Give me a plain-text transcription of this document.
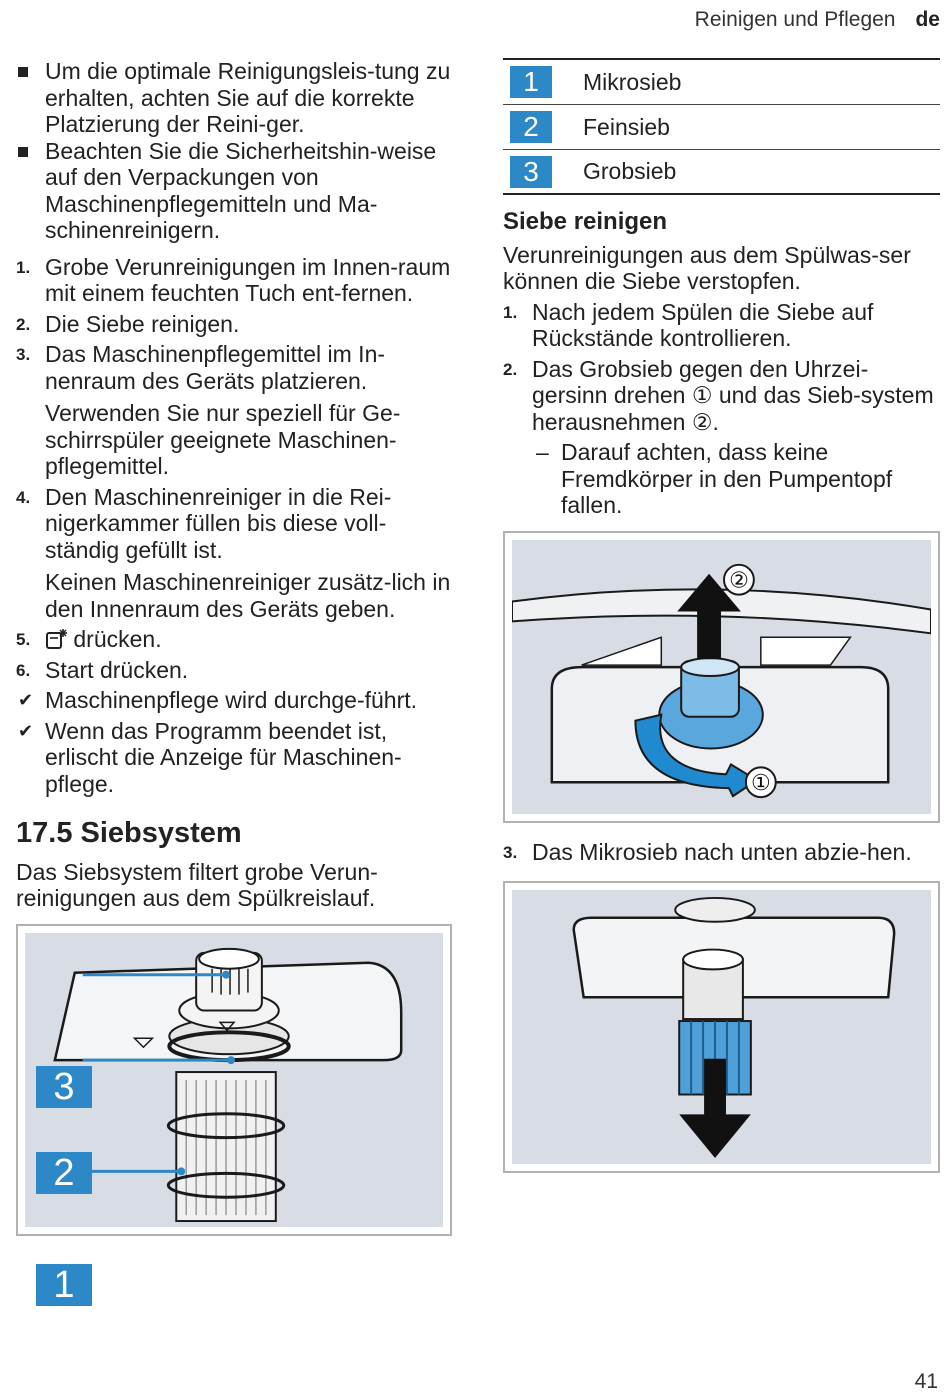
Reinigen und Pflegen de
Um die optimale Reinigungsleis-tung zu erhalten, achten Sie auf die korrekte Platzierung der Reini-ger.
Beachten Sie die Sicherheitshin-weise auf den Verpackungen von Maschinenpflegemitteln und Ma-schinenreinigern.
1. Grobe Verunreinigungen im Innen-raum mit einem feuchten Tuch ent-fernen.
2. Die Siebe reinigen.
3. Das Maschinenpflegemittel im In-nenraum des Geräts platzieren.
Verwenden Sie nur speziell für Ge-schirrspüler geeignete Maschinen-pflegemittel.
4. Den Maschinenreiniger in die Rei-nigerkammer füllen bis diese voll-ständig gefüllt ist.
Keinen Maschinenreiniger zusätz-lich in den Innenraum des Geräts geben.
5. drücken.
6. Start drücken.
✔ Maschinenpflege wird durchge-führt.
✔ Wenn das Programm beendet ist, erlischt die Anzeige für Maschinen-pflege.
17.5 Siebsystem
Das Siebsystem filtert grobe Verun-reinigungen aus dem Spülkreislauf.
3
2
1
1	Mikrosieb
2	Feinsieb
3	Grobsieb
Siebe reinigen
Verunreinigungen aus dem Spülwas-ser können die Siebe verstopfen.
1. Nach jedem Spülen die Siebe auf Rückstände kontrollieren.
2. Das Grobsieb gegen den Uhrzei-gersinn drehen ① und das Sieb-system herausnehmen ②.
– Darauf achten, dass keine Fremdkörper in den Pumpentopf fallen.
②
①
3. Das Mikrosieb nach unten abzie-hen.
41
